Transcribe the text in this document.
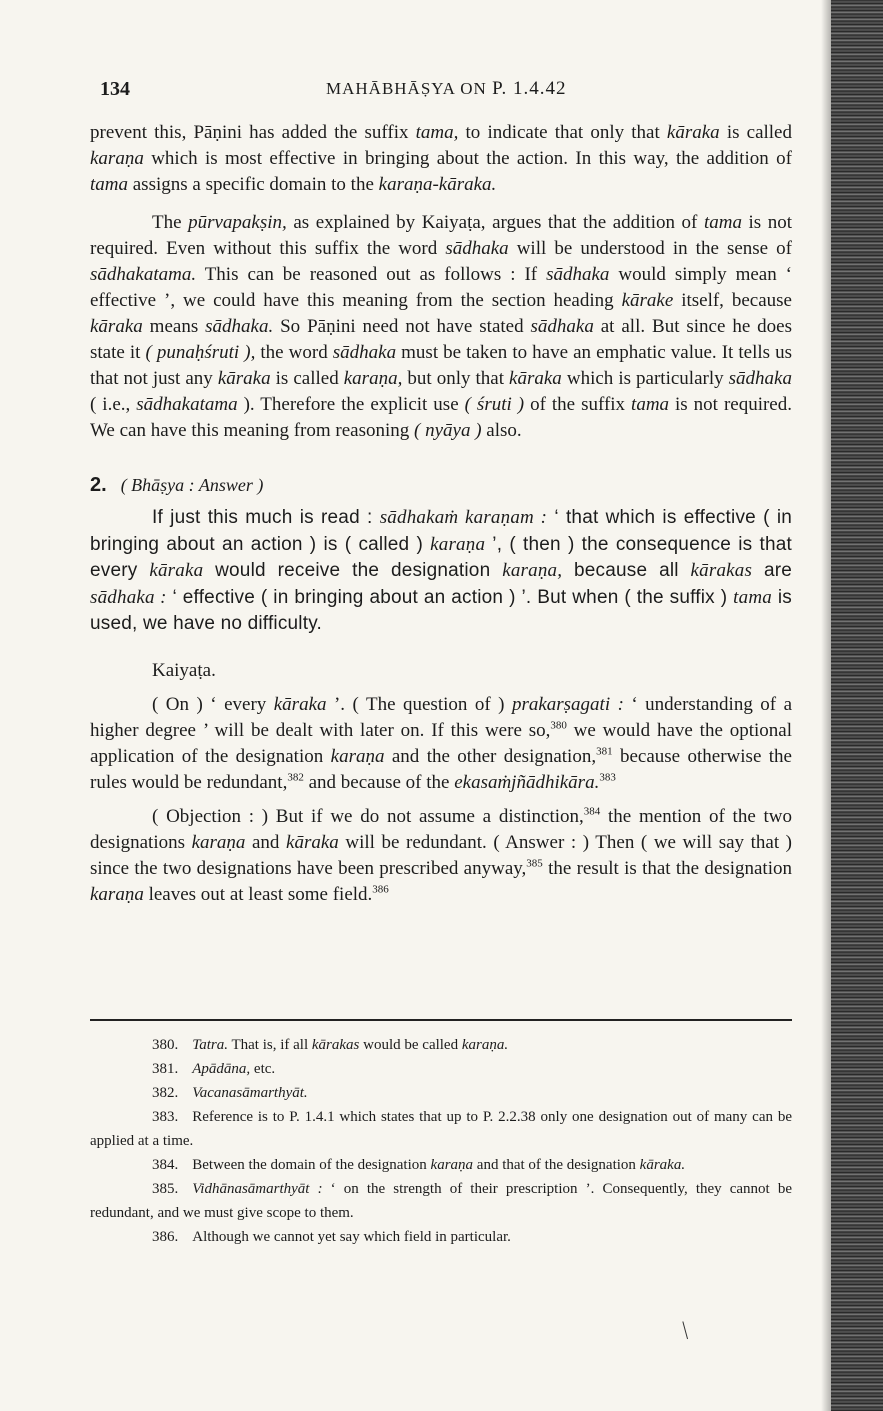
134	MAHĀBHĀṢYA ON P. 1.4.42

prevent this, Pāṇini has added the suffix tama, to indicate that only that kāraka is called karaṇa which is most effective in bringing about the action. In this way, the addition of tama assigns a specific domain to the karaṇa-kāraka.

The pūrvapakṣin, as explained by Kaiyaṭa, argues that the addition of tama is not required. Even without this suffix the word sādhaka will be understood in the sense of sādhakatama. This can be reasoned out as follows : If sādhaka would simply mean ‘ effective ’, we could have this meaning from the section heading kārake itself, because kāraka means sādhaka. So Pāṇini need not have stated sādhaka at all. But since he does state it ( punaḥśruti ), the word sādhaka must be taken to have an emphatic value. It tells us that not just any kāraka is called karaṇa, but only that kāraka which is particularly sādhaka ( i.e., sādhakatama ). Therefore the explicit use ( śruti ) of the suffix tama is not required. We can have this meaning from reasoning ( nyāya ) also.

2. ( Bhāṣya : Answer )

If just this much is read : sādhakaṁ karaṇam : ‘ that which is effective ( in bringing about an action ) is ( called ) karaṇa ’, ( then ) the consequence is that every kāraka would receive the designation karaṇa, because all kārakas are sādhaka : ‘ effective ( in bringing about an action ) ’. But when ( the suffix ) tama is used, we have no difficulty.

Kaiyaṭa.

( On ) ‘ every kāraka ’. ( The question of ) prakarṣagati : ‘ understanding of a higher degree ’ will be dealt with later on. If this were so,$^{380}$ we would have the optional application of the designation karaṇa and the other designation,$^{381}$ because otherwise the rules would be redundant,$^{382}$ and because of the ekasaṁjñādhikāra.$^{383}$

( Objection : ) But if we do not assume a distinction,$^{384}$ the mention of the two designations karaṇa and kāraka will be redundant. ( Answer : ) Then ( we will say that ) since the two designations have been prescribed anyway,$^{385}$ the result is that the designation karaṇa leaves out at least some field.$^{386}$

380. Tatra. That is, if all kārakas would be called karaṇa.

381. Apādāna, etc.

382. Vacanasāmarthyāt.

383. Reference is to P. 1.4.1 which states that up to P. 2.2.38 only one designation out of many can be applied at a time.

384. Between the domain of the designation karaṇa and that of the designation kāraka.

385. Vidhānasāmarthyāt : ‘ on the strength of their prescription ’. Consequently, they cannot be redundant, and we must give scope to them.

386. Although we cannot yet say which field in particular.

|
